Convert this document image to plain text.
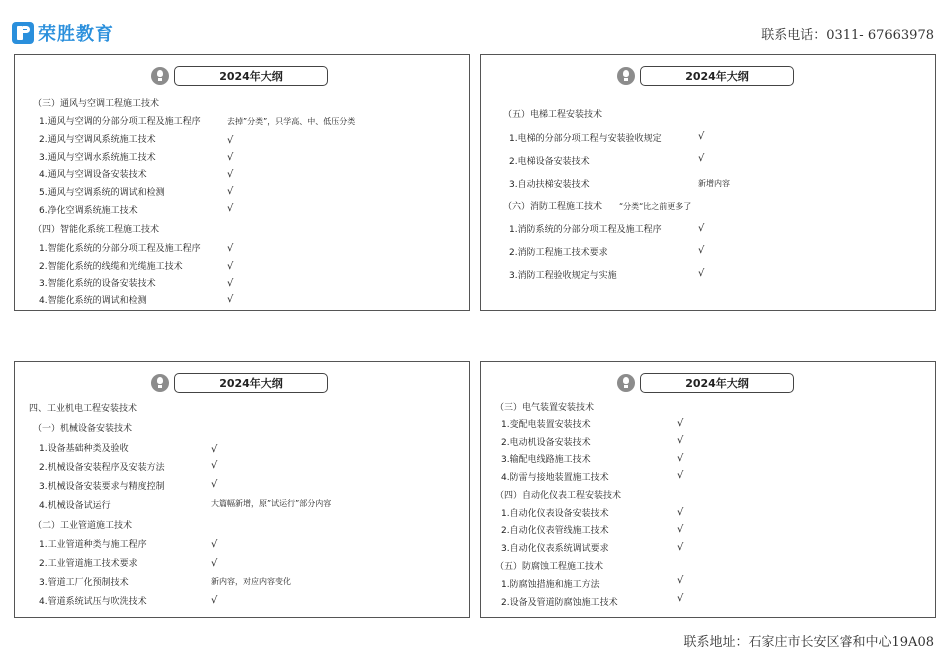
荣胜教育	联系电话：0311- 67663978
2024年大纲
（三）通风与空调工程施工技术
1.通风与空调的分部分项工程及施工程序	去掉”分类”，只学高、中、低压分类
2.通风与空调风系统施工技术	√
3.通风与空调水系统施工技术	√
4.通风与空调设备安装技术	√
5.通风与空调系统的调试和检测	√
6.净化空调系统施工技术	√
（四）智能化系统工程施工技术
1.智能化系统的分部分项工程及施工程序	√
2.智能化系统的线缆和光缆施工技术	√
3.智能化系统的设备安装技术	√
4.智能化系统的调试和检测	√
2024年大纲
（五）电梯工程安装技术
1.电梯的分部分项工程与安装验收规定	√
2.电梯设备安装技术	√
3.自动扶梯安装技术	新增内容
（六）消防工程施工技术 “分类“比之前更多了
1.消防系统的分部分项工程及施工程序	√
2.消防工程施工技术要求	√
3.消防工程验收规定与实施	√
2024年大纲
四、工业机电工程安装技术
（一）机械设备安装技术
1.设备基础种类及验收	√
2.机械设备安装程序及安装方法	√
3.机械设备安装要求与精度控制	√
4.机械设备试运行	大篇幅新增，原”试运行”部分内容
（二）工业管道施工技术
1.工业管道种类与施工程序	√
2.工业管道施工技术要求	√
3.管道工厂化预制技术	新内容，对应内容变化
4.管道系统试压与吹洗技术	√
2024年大纲
（三）电气装置安装技术
1.变配电装置安装技术	√
2.电动机设备安装技术	√
3.输配电线路施工技术	√
4.防雷与接地装置施工技术	√
（四）自动化仪表工程安装技术
1.自动化仪表设备安装技术	√
2.自动化仪表管线施工技术	√
3.自动化仪表系统调试要求	√
（五）防腐蚀工程施工技术
1.防腐蚀措施和施工方法	√
2.设备及管道防腐蚀施工技术	√
联系地址：石家庄市长安区睿和中心19A08
